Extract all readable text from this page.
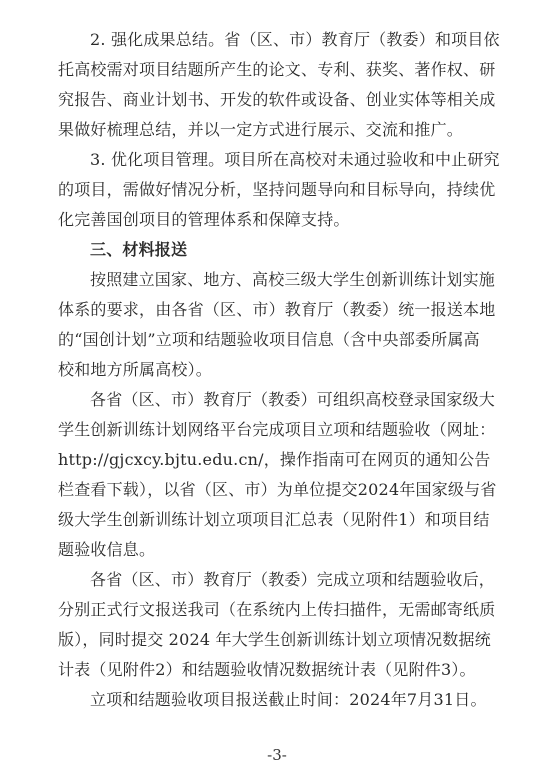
2. 强化成果总结。省（区、市）教育厅（教委）和项目依
托高校需对项目结题所产生的论文、专利、获奖、著作权、研
究报告、商业计划书、开发的软件或设备、创业实体等相关成
果做好梳理总结，并以一定方式进行展示、交流和推广。
3. 优化项目管理。项目所在高校对未通过验收和中止研究
的项目，需做好情况分析，坚持问题导向和目标导向，持续优
化完善国创项目的管理体系和保障支持。
三、材料报送
按照建立国家、地方、高校三级大学生创新训练计划实施
体系的要求，由各省（区、市）教育厅（教委）统一报送本地
的“国创计划”立项和结题验收项目信息（含中央部委所属高
校和地方所属高校）。
各省（区、市）教育厅（教委）可组织高校登录国家级大
学生创新训练计划网络平台完成项目立项和结题验收（网址：
http://gjcxcy.bjtu.edu.cn/，操作指南可在网页的通知公告
栏查看下载），以省（区、市）为单位提交2024年国家级与省
级大学生创新训练计划立项项目汇总表（见附件1）和项目结
题验收信息。
各省（区、市）教育厅（教委）完成立项和结题验收后，
分别正式行文报送我司（在系统内上传扫描件，无需邮寄纸质
版），同时提交 2024 年大学生创新训练计划立项情况数据统
计表（见附件2）和结题验收情况数据统计表（见附件3）。
立项和结题验收项目报送截止时间：2024年7月31日。
-3-
